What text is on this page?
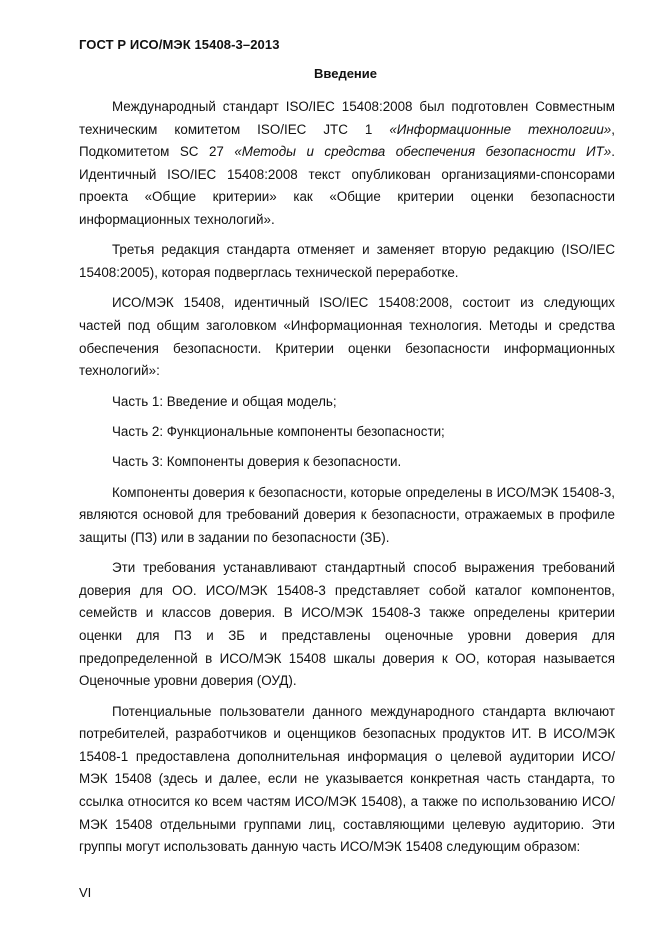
ГОСТ Р ИСО/МЭК 15408-3–2013
Введение

Международный стандарт ISO/IEC 15408:2008 был подготовлен Совместным техническим комитетом ISO/IEC JTC 1 «Информационные технологии», Подкомитетом SC 27 «Методы и средства обеспечения безопасности ИТ». Идентичный ISO/IEC 15408:2008 текст опубликован организациями-спонсорами проекта «Общие критерии» как «Общие критерии оценки безопасности информационных технологий».

Третья редакция стандарта отменяет и заменяет вторую редакцию (ISO/IEC 15408:2005), которая подверглась технической переработке.

ИСО/МЭК 15408, идентичный ISO/IEC 15408:2008, состоит из следующих частей под общим заголовком «Информационная технология. Методы и средства обеспечения безопасности. Критерии оценки безопасности информационных технологий»:

Часть 1: Введение и общая модель;

Часть 2: Функциональные компоненты безопасности;

Часть 3: Компоненты доверия к безопасности.

Компоненты доверия к безопасности, которые определены в ИСО/МЭК 15408-3, являются основой для требований доверия к безопасности, отражаемых в профиле защиты (ПЗ) или в задании по безопасности (ЗБ).

Эти требования устанавливают стандартный способ выражения требований доверия для ОО. ИСО/МЭК 15408-3 представляет собой каталог компонентов, семейств и классов доверия. В ИСО/МЭК 15408-3 также определены критерии оценки для ПЗ и ЗБ и представлены оценочные уровни доверия для предопределенной в ИСО/МЭК 15408 шкалы доверия к ОО, которая называется Оценочные уровни доверия (ОУД).

Потенциальные пользователи данного международного стандарта включают потребителей, разработчиков и оценщиков безопасных продуктов ИТ. В ИСО/МЭК 15408-1 предоставлена дополнительная информация о целевой аудитории ИСО/МЭК 15408 (здесь и далее, если не указывается конкретная часть стандарта, то ссылка относится ко всем частям ИСО/МЭК 15408), а также по использованию ИСО/МЭК 15408 отдельными группами лиц, составляющими целевую аудиторию. Эти группы могут использовать данную часть ИСО/МЭК 15408 следующим образом:

VI
